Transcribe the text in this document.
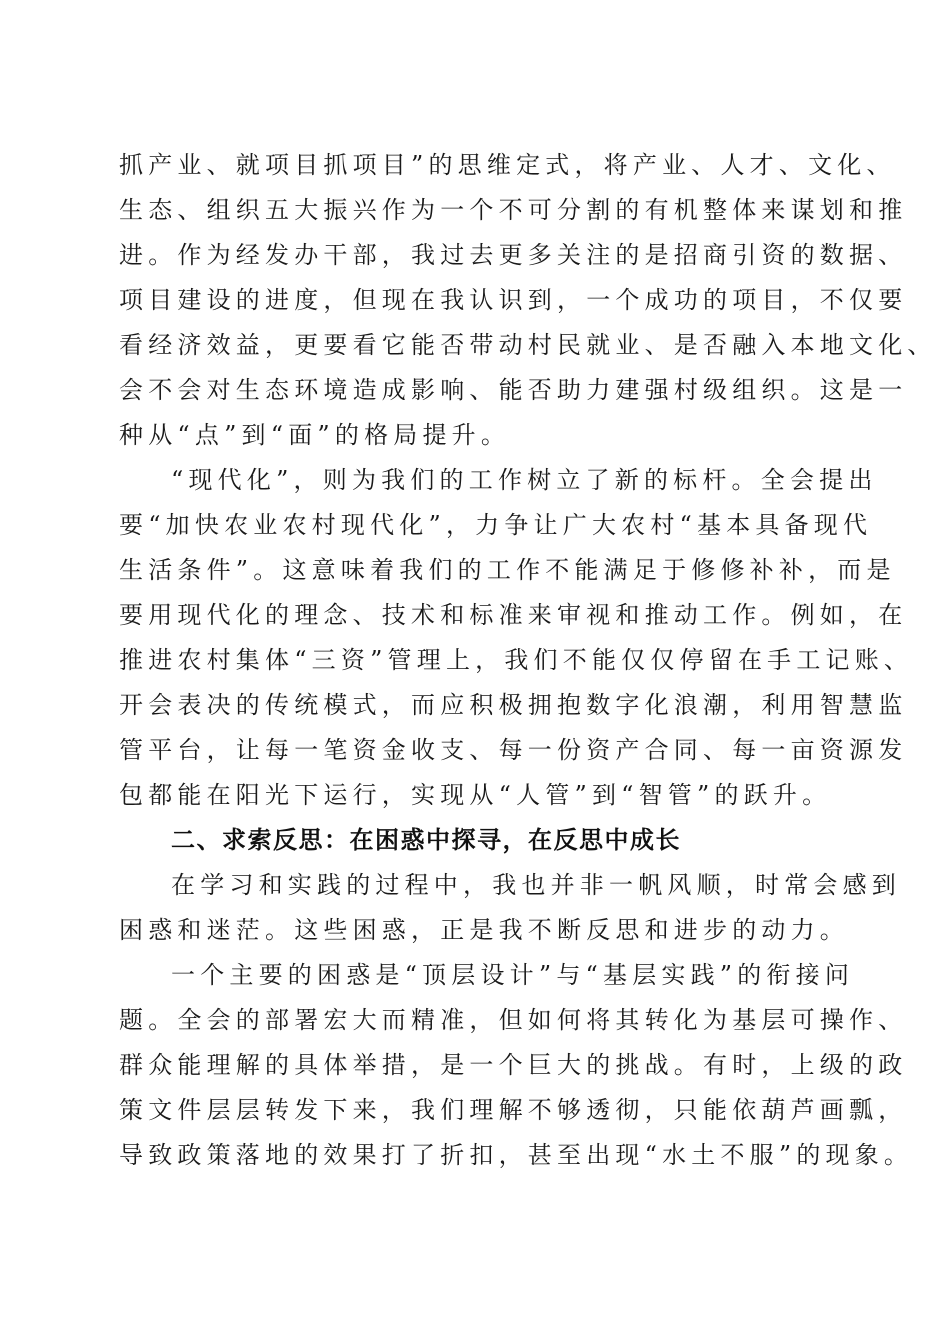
抓产业、就项目抓项目”的思维定式，将产业、人才、文化、
生态、组织五大振兴作为一个不可分割的有机整体来谋划和推
进。作为经发办干部，我过去更多关注的是招商引资的数据、
项目建设的进度，但现在我认识到，一个成功的项目，不仅要
看经济效益，更要看它能否带动村民就业、是否融入本地文化、
会不会对生态环境造成影响、能否助力建强村级组织。这是一
种从“点”到“面”的格局提升。
“现代化”，则为我们的工作树立了新的标杆。全会提出
要“加快农业农村现代化”，力争让广大农村“基本具备现代
生活条件”。这意味着我们的工作不能满足于修修补补，而是
要用现代化的理念、技术和标准来审视和推动工作。例如，在
推进农村集体“三资”管理上，我们不能仅仅停留在手工记账、
开会表决的传统模式，而应积极拥抱数字化浪潮，利用智慧监
管平台，让每一笔资金收支、每一份资产合同、每一亩资源发
包都能在阳光下运行，实现从“人管”到“智管”的跃升。
二、求索反思：在困惑中探寻，在反思中成长
在学习和实践的过程中，我也并非一帆风顺，时常会感到
困惑和迷茫。这些困惑，正是我不断反思和进步的动力。
一个主要的困惑是“顶层设计”与“基层实践”的衔接问
题。全会的部署宏大而精准，但如何将其转化为基层可操作、
群众能理解的具体举措，是一个巨大的挑战。有时，上级的政
策文件层层转发下来，我们理解不够透彻，只能依葫芦画瓢，
导致政策落地的效果打了折扣，甚至出现“水土不服”的现象。
